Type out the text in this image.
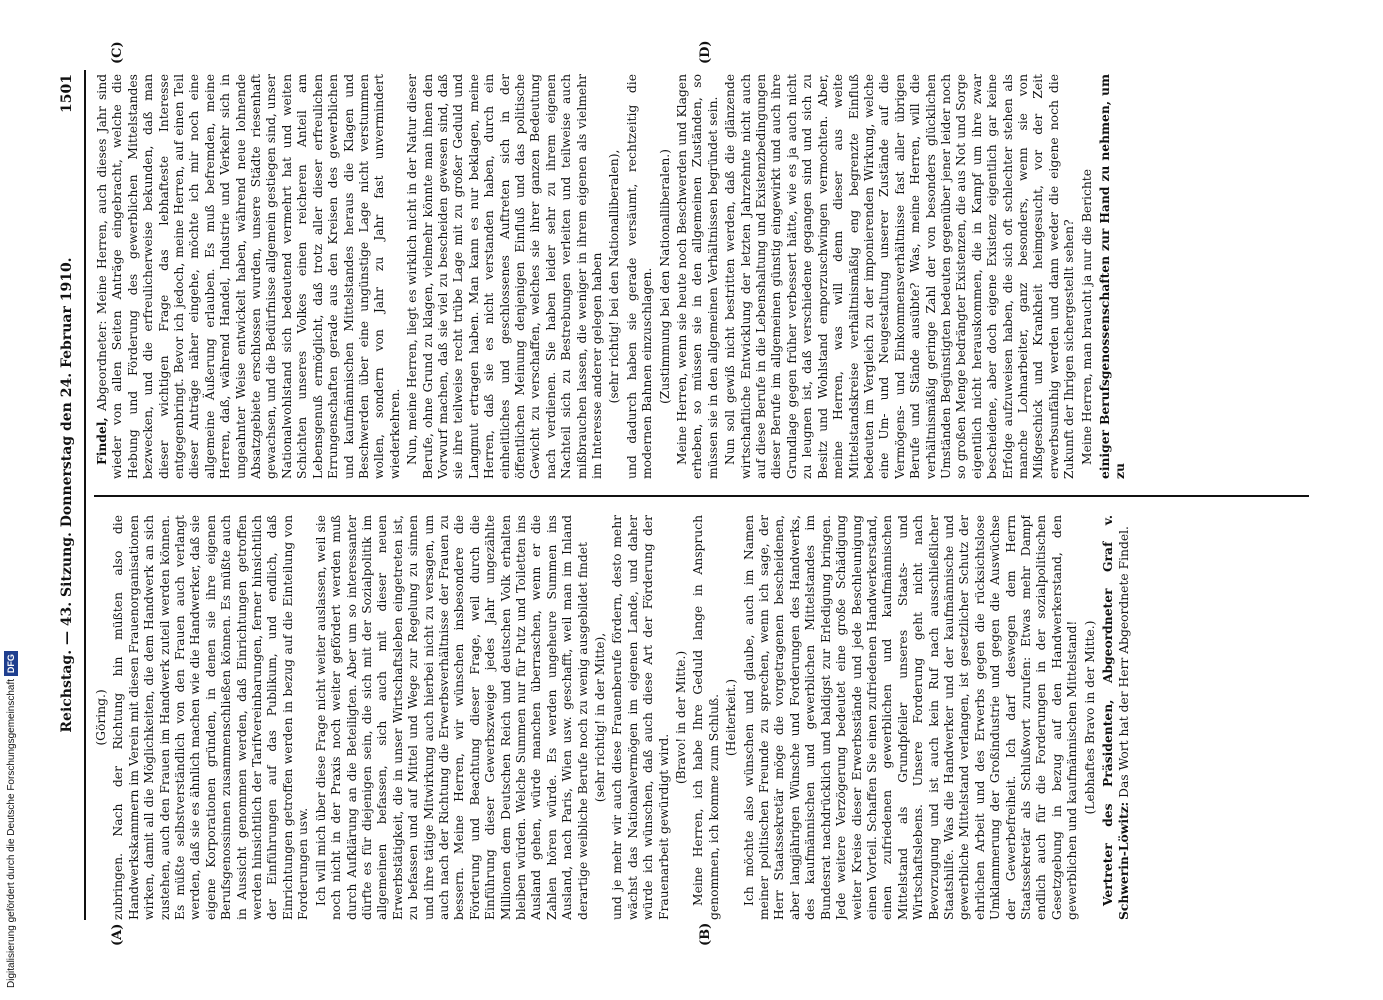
Reichstag. — 43. Sitzung. Donnerstag den 24. Februar 1910.
1501
(A)	(B)
(C)	(D)

(Göring.) zubringen. Nach der Richtung hin müßten also die Handwerkskammern im Verein mit diesen Frauenorganisationen wirken, damit all die Möglichkeiten, die dem Handwerk an sich zustehen, auch den Frauen im Handwerk zuteil werden können. Es müßte selbstverständlich von den Frauen auch verlangt werden, daß sie es ähnlich machen wie die Handwerker, daß sie eigene Korporationen gründen, in denen sie ihre eigenen Berufsgenossinnen zusammenschließen können. Es müßte auch in Aussicht genommen werden, daß Einrichtungen getroffen werden hinsichtlich der Tarifvereinbarungen, ferner hinsichtlich der Einführungen auf das Publikum, und endlich, daß Einrichtungen getroffen werden in bezug auf die Einteilung von Forderungen usw. Ich will mich über diese Frage nicht weiter auslassen, weil sie noch nicht in der Praxis noch weiter gefördert werden muß durch Aufklärung an die Beteiligten. Aber um so interessanter dürfte es für diejenigen sein, die sich mit der Sozialpolitik im allgemeinen befassen, sich auch mit dieser neuen Erwerbstätigkeit, die in unser Wirtschaftsleben eingetreten ist, zu befassen und auf Mittel und Wege zur Regelung zu sinnen und ihre tätige Mitwirkung auch hierbei nicht zu versagen, um auch nach der Richtung die Erwerbsverhältnisse der Frauen zu bessern. Meine Herren, wir wünschen insbesondere die Förderung und Beachtung dieser Frage, weil durch die Einführung dieser Gewerbszweige jedes Jahr ungezählte Millionen dem Deutschen Reich und deutschen Volk erhalten bleiben würden. Welche Summen nur für Putz und Toiletten ins Ausland gehen, würde manchen überraschen, wenn er die Zahlen hören würde. Es werden ungeheure Summen ins Ausland, nach Paris, Wien usw. geschafft, weil man im Inland derartige weibliche Berufe noch zu wenig ausgebildet findet (sehr richtig! in der Mitte), und je mehr wir auch diese Frauenberufe fördern, desto mehr wächst das Nationalvermögen im eigenen Lande, und daher würde ich wünschen, daß auch diese Art der Förderung der Frauenarbeit gewürdigt wird.

(Bravo! in der Mitte.) Meine Herren, ich habe Ihre Geduld lange in Anspruch genommen, ich komme zum Schluß. (Heiterkeit.) Ich möchte also wünschen und glaube, auch im Namen meiner politischen Freunde zu sprechen, wenn ich sage, der Herr Staatssekretär möge die vorgetragenen bescheidenen, aber langjährigen Wünsche und Forderungen des Handwerks, des kaufmännischen und gewerblichen Mittelstandes im Bundesrat nachdrücklich und baldigst zur Erledigung bringen. Jede weitere Verzögerung bedeutet eine große Schädigung weiter Kreise dieser Erwerbsstände und jede Beschleunigung einen Vorteil. Schaffen Sie einen zufriedenen Handwerkerstand, einen zufriedenen gewerblichen und kaufmännischen Mittelstand als Grundpfeiler unseres Staats- und Wirtschaftslebens. Unsere Forderung geht nicht nach Bevorzugung und ist auch kein Ruf nach ausschließlicher Staatshilfe. Was die Handwerker und der kaufmännische und gewerbliche Mittelstand verlangen, ist gesetzlicher Schutz der ehrlichen Arbeit und des Erwerbs gegen die rücksichtslose Umklammerung der Großindustrie und gegen die Auswüchse der Gewerbefreiheit. Ich darf deswegen dem Herrn Staatssekretär als Schlußwort zurufen: Etwas mehr Dampf endlich auch für die Forderungen in der sozialpolitischen Gesetzgebung in bezug auf den Handwerkerstand, den gewerblichen und kaufmännischen Mittelstand! (Lebhaftes Bravo in der Mitte.) Vertreter des Präsidenten, Abgeordneter Graf v. Schwerin-Löwitz: Das Wort hat der Herr Abgeordnete Findel.

Findel, Abgeordneter: Meine Herren, auch dieses Jahr sind wieder von allen Seiten Anträge eingebracht, welche die Hebung und Förderung des gewerblichen Mittelstandes bezwecken, und die erfreulicherweise bekunden, daß man dieser wichtigen Frage das lebhafteste Interesse entgegenbringt. Bevor ich jedoch, meine Herren, auf einen Teil dieser Anträge näher eingehe, möchte ich mir noch eine allgemeine Äußerung erlauben. Es muß befremden, meine Herren, daß, während Handel, Industrie und Verkehr sich in ungeahnter Weise entwickelt haben, während neue lohnende Absatzgebiete erschlossen wurden, unsere Städte riesenhaft gewachsen, und die Bedürfnisse allgemein gestiegen sind, unser Nationalwohlstand sich bedeutend vermehrt hat und weiten Schichten unseres Volkes einen reicheren Anteil am Lebensgenuß ermöglicht, daß trotz aller dieser erfreulichen Errungenschaften gerade aus den Kreisen des gewerblichen und kaufmännischen Mittelstandes heraus die Klagen und Beschwerden über eine ungünstige Lage nicht verstummen wollen, sondern von Jahr zu Jahr fast unvermindert wiederkehren. Nun, meine Herren, liegt es wirklich nicht in der Natur dieser Berufe, ohne Grund zu klagen, vielmehr könnte man ihnen den Vorwurf machen, daß sie viel zu bescheiden gewesen sind, daß sie ihre teilweise recht trübe Lage mit zu großer Geduld und Langmut ertragen haben. Man kann es nur beklagen, meine Herren, daß sie es nicht verstanden haben, durch ein einheitliches und geschlossenes Auftreten sich in der öffentlichen Meinung denjenigen Einfluß und das politische Gewicht zu verschaffen, welches sie ihrer ganzen Bedeutung nach verdienen. Sie haben leider sehr zu ihrem eigenen Nachteil sich zu Bestrebungen verleiten und teilweise auch mißbrauchen lassen, die weniger in ihrem eigenen als vielmehr im Interesse anderer gelegen haben (sehr richtig! bei den Nationalliberalen), und dadurch haben sie gerade versäumt, rechtzeitig die modernen Bahnen einzuschlagen. (Zustimmung bei den Nationalliberalen.) Meine Herren, wenn sie heute noch Beschwerden und Klagen erheben, so müssen sie in den allgemeinen Zuständen, so müssen sie in den allgemeinen Verhältnissen begründet sein. Nun soll gewiß nicht bestritten werden, daß die glänzende wirtschaftliche Entwicklung der letzten Jahrzehnte nicht auch auf diese Berufe in die Lebenshaltung und Existenzbedingungen dieser Berufe im allgemeinen günstig eingewirkt und auch ihre Grundlage gegen früher verbessert hätte, wie es ja auch nicht zu leugnen ist, daß verschiedene gegangen sind und sich zu Besitz und Wohlstand emporzuschwingen vermochten. Aber, meine Herren, was will denn dieser aus weite Mittelstandskreise verhältnismäßig eng begrenzte Einfluß bedeuten im Vergleich zu der imponierenden Wirkung, welche eine Um- und Neugestaltung unserer Zustände auf die Vermögens- und Einkommensverhältnisse fast aller übrigen Berufe und Stände ausübte? Was, meine Herren, will die verhältnismäßig geringe Zahl der von besonders glücklichen Umständen Begünstigten bedeuten gegenüber jener leider noch so großen Menge bedrängter Existenzen, die aus Not und Sorge eigentlich nicht herauskommen, die in Kampf um ihre zwar bescheidene, aber doch eigene Existenz eigentlich gar keine Erfolge aufzuweisen haben, die sich oft schlechter stehen als manche Lohnarbeiter, ganz besonders, wenn sie von Mißgeschick und Krankheit heimgesucht, vor der Zeit erwerbsunfähig werden und dann weder die eigene noch die Zukunft der Ihrigen sichergestellt sehen? Meine Herren, man braucht ja nur die Berichte einiger Berufsgenossenschaften zur Hand zu nehmen, um zu

Digitalisierung gefördert durch die Deutsche Forschungsgemeinschaft DFG
